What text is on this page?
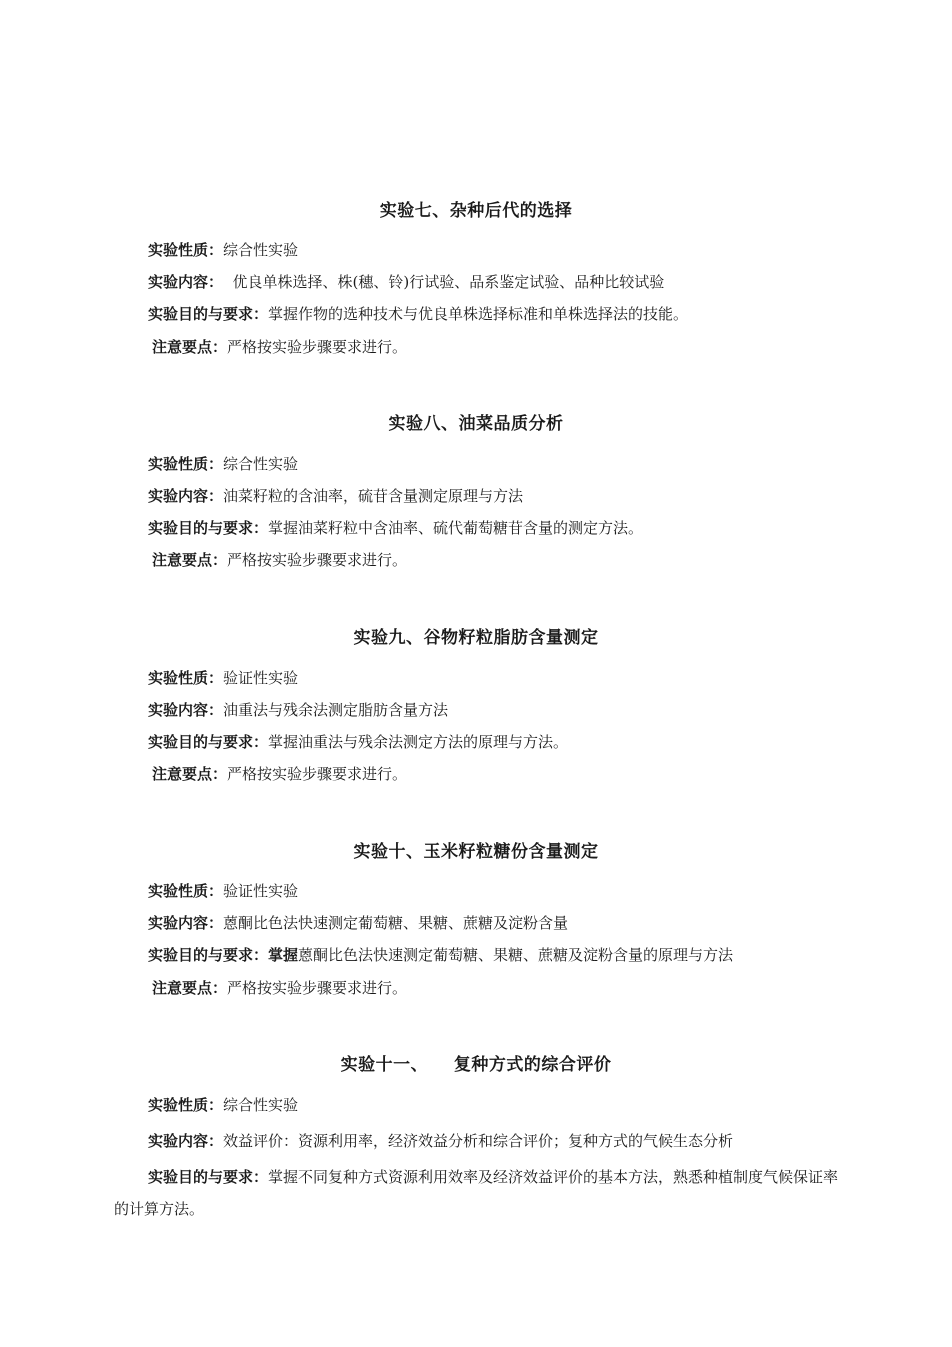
实验七、杂种后代的选择
实验性质：综合性实验
实验内容：  优良单株选择、株(穗、铃)行试验、品系鉴定试验、品种比较试验
实验目的与要求：掌握作物的选种技术与优良单株选择标准和单株选择法的技能。
注意要点：严格按实验步骤要求进行。
实验八、油菜品质分析
实验性质：综合性实验
实验内容：油菜籽粒的含油率，硫苷含量测定原理与方法
实验目的与要求：掌握油菜籽粒中含油率、硫代葡萄糖苷含量的测定方法。
注意要点：严格按实验步骤要求进行。
实验九、谷物籽粒脂肪含量测定
实验性质：验证性实验
实验内容：油重法与残余法测定脂肪含量方法
实验目的与要求：掌握油重法与残余法测定方法的原理与方法。
注意要点：严格按实验步骤要求进行。
实验十、玉米籽粒糖份含量测定
实验性质：验证性实验
实验内容：蒽酮比色法快速测定葡萄糖、果糖、蔗糖及淀粉含量
实验目的与要求：掌握蒽酮比色法快速测定葡萄糖、果糖、蔗糖及淀粉含量的原理与方法
注意要点：严格按实验步骤要求进行。
实验十一、    复种方式的综合评价
实验性质：综合性实验
实验内容：效益评价：资源利用率，经济效益分析和综合评价；复种方式的气候生态分析
实验目的与要求：掌握不同复种方式资源利用效率及经济效益评价的基本方法，熟悉种植制度气候保证率的计算方法。
